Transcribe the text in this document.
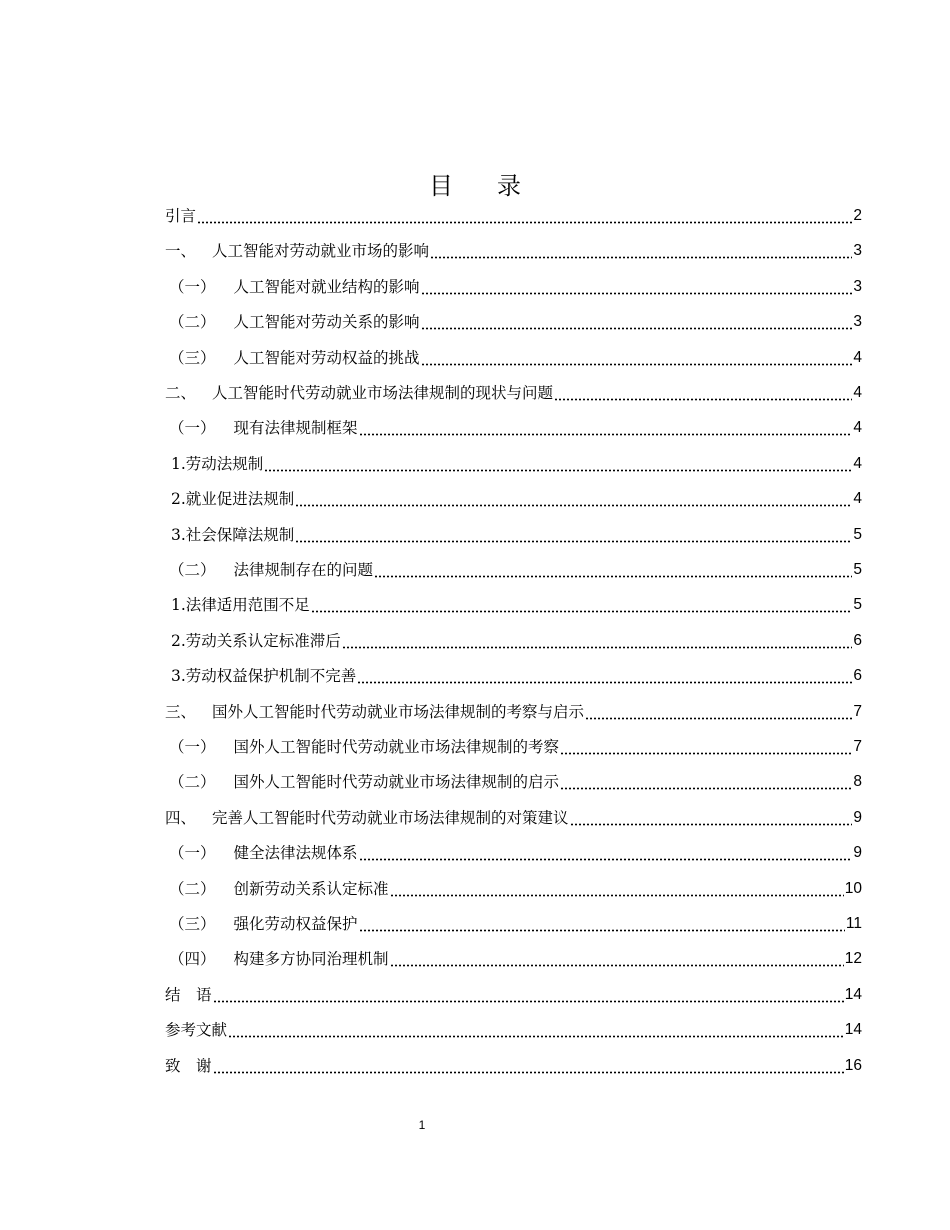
目 录
引言	2
一、 人工智能对劳动就业市场的影响	3
（一） 人工智能对就业结构的影响	3
（二） 人工智能对劳动关系的影响	3
（三） 人工智能对劳动权益的挑战	4
二、 人工智能时代劳动就业市场法律规制的现状与问题	4
（一） 现有法律规制框架	4
1.劳动法规制	4
2.就业促进法规制	4
3.社会保障法规制	5
（二） 法律规制存在的问题	5
1.法律适用范围不足	5
2.劳动关系认定标准滞后	6
3.劳动权益保护机制不完善	6
三、 国外人工智能时代劳动就业市场法律规制的考察与启示	7
（一） 国外人工智能时代劳动就业市场法律规制的考察	7
（二） 国外人工智能时代劳动就业市场法律规制的启示	8
四、 完善人工智能时代劳动就业市场法律规制的对策建议	9
（一） 健全法律法规体系	9
（二） 创新劳动关系认定标准	10
（三） 强化劳动权益保护	11
（四） 构建多方协同治理机制	12
结　语	14
参考文献	14
致　谢	16
1
